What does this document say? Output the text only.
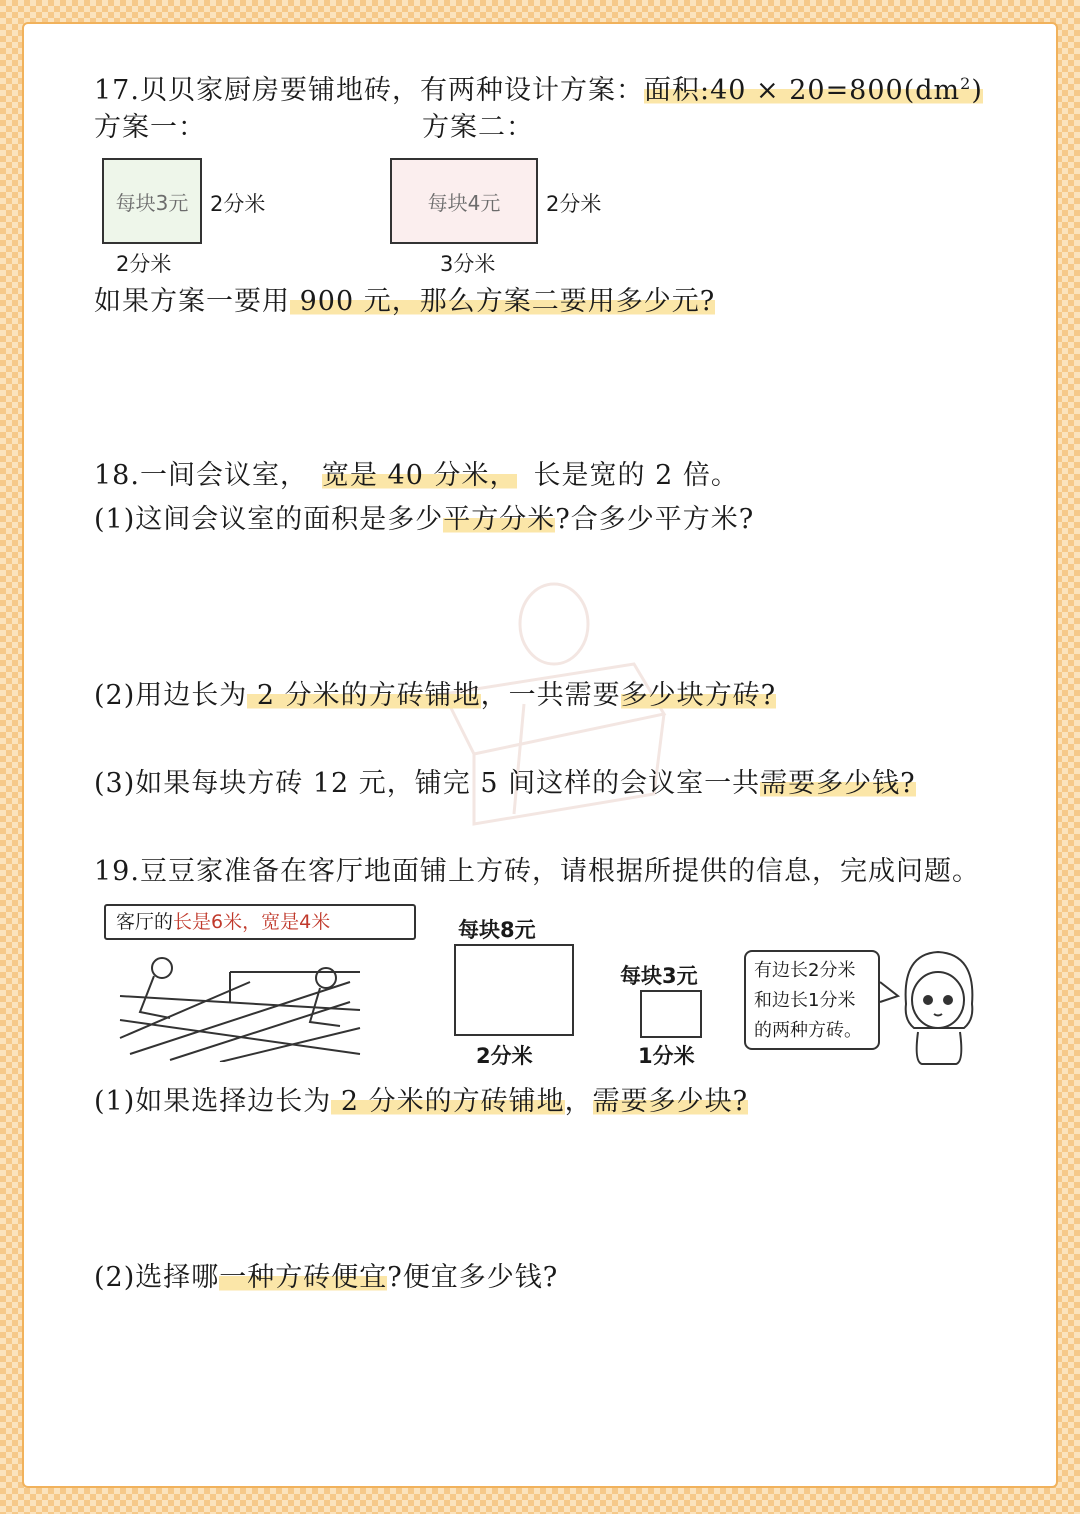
17.贝贝家厨房要铺地砖，有两种设计方案：面积:40 × $20=800(dm^2)$
方案一：	方案二：
每块3元 2分米
2分米
每块4元 2分米
3分米
如果方案一要用 900 元，那么方案二要用多少元?
18.一间会议室， 宽是 40 分米， 长是宽的 2 倍。
(1)这间会议室的面积是多少平方分米?合多少平方米?
(2)用边长为 2 分米的方砖铺地，一共需要多少块方砖?
(3)如果每块方砖 12 元，铺完 5 间这样的会议室一共需要多少钱?
19.豆豆家准备在客厅地面铺上方砖，请根据所提供的信息，完成问题。
客厅的长是6米，宽是4米	每块8元
2分米
每块3元
1分米
有边长2分米
和边长1分米
的两种方砖。
(1)如果选择边长为 2 分米的方砖铺地，需要多少块?
(2)选择哪一种方砖便宜?便宜多少钱?
